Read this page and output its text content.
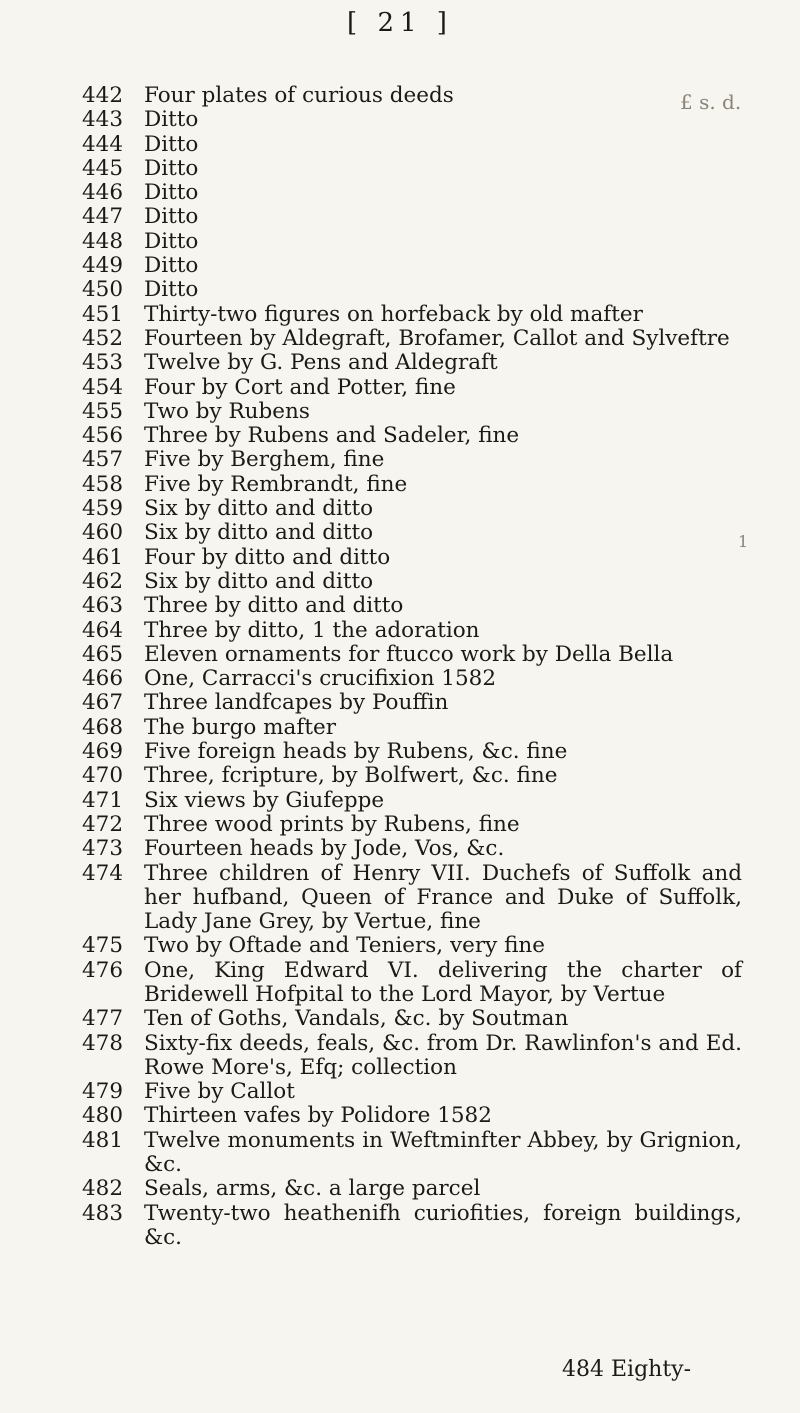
[ 21 ]
£ s. d.
1
442 Four plates of curious deeds
443 Ditto
444 Ditto
445 Ditto
446 Ditto
447 Ditto
448 Ditto
449 Ditto
450 Ditto
451 Thirty-two figures on horfeback by old mafter
452 Fourteen by Aldegraft, Brofamer, Callot and Sylveftre
453 Twelve by G. Pens and Aldegraft
454 Four by Cort and Potter, fine
455 Two by Rubens
456 Three by Rubens and Sadeler, fine
457 Five by Berghem, fine
458 Five by Rembrandt, fine
459 Six by ditto and ditto
460 Six by ditto and ditto
461 Four by ditto and ditto
462 Six by ditto and ditto
463 Three by ditto and ditto
464 Three by ditto, 1 the adoration
465 Eleven ornaments for ftucco work by Della Bella
466 One, Carracci's crucifixion 1582
467 Three landfcapes by Pouffin
468 The burgo mafter
469 Five foreign heads by Rubens, &c. fine
470 Three, fcripture, by Bolfwert, &c. fine
471 Six views by Giufeppe
472 Three wood prints by Rubens, fine
473 Fourteen heads by Jode, Vos, &c.
474 Three children of Henry VII. Duchefs of Suffolk and her hufband, Queen of France and Duke of Suffolk, Lady Jane Grey, by Vertue, fine
475 Two by Oftade and Teniers, very fine
476 One, King Edward VI. delivering the charter of Bridewell Hofpital to the Lord Mayor, by Vertue
477 Ten of Goths, Vandals, &c. by Soutman
478 Sixty-fix deeds, feals, &c. from Dr. Rawlinfon's and Ed. Rowe More's, Efq; collection
479 Five by Callot
480 Thirteen vafes by Polidore 1582
481 Twelve monuments in Weftminfter Abbey, by Grignion, &c.
482 Seals, arms, &c. a large parcel
483 Twenty-two heathenifh curiofities, foreign buildings, &c.
484 Eighty-
